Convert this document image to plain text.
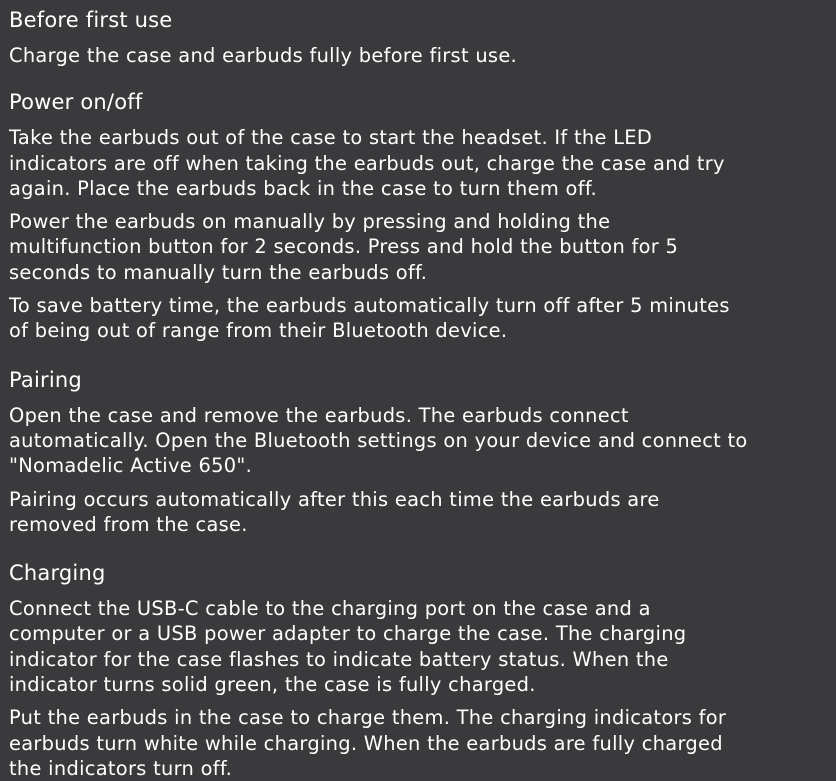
Before first use

Charge the case and earbuds fully before first use.

Power on/off

Take the earbuds out of the case to start the headset. If the LED
indicators are off when taking the earbuds out, charge the case and try
again. Place the earbuds back in the case to turn them off.

Power the earbuds on manually by pressing and holding the
multifunction button for 2 seconds. Press and hold the button for 5
seconds to manually turn the earbuds off.

To save battery time, the earbuds automatically turn off after 5 minutes
of being out of range from their Bluetooth device.

Pairing

Open the case and remove the earbuds. The earbuds connect
automatically. Open the Bluetooth settings on your device and connect to
"Nomadelic Active 650".

Pairing occurs automatically after this each time the earbuds are
removed from the case.

Charging

Connect the USB-C cable to the charging port on the case and a
computer or a USB power adapter to charge the case. The charging
indicator for the case flashes to indicate battery status. When the
indicator turns solid green, the case is fully charged.

Put the earbuds in the case to charge them. The charging indicators for
earbuds turn white while charging. When the earbuds are fully charged
the indicators turn off.
